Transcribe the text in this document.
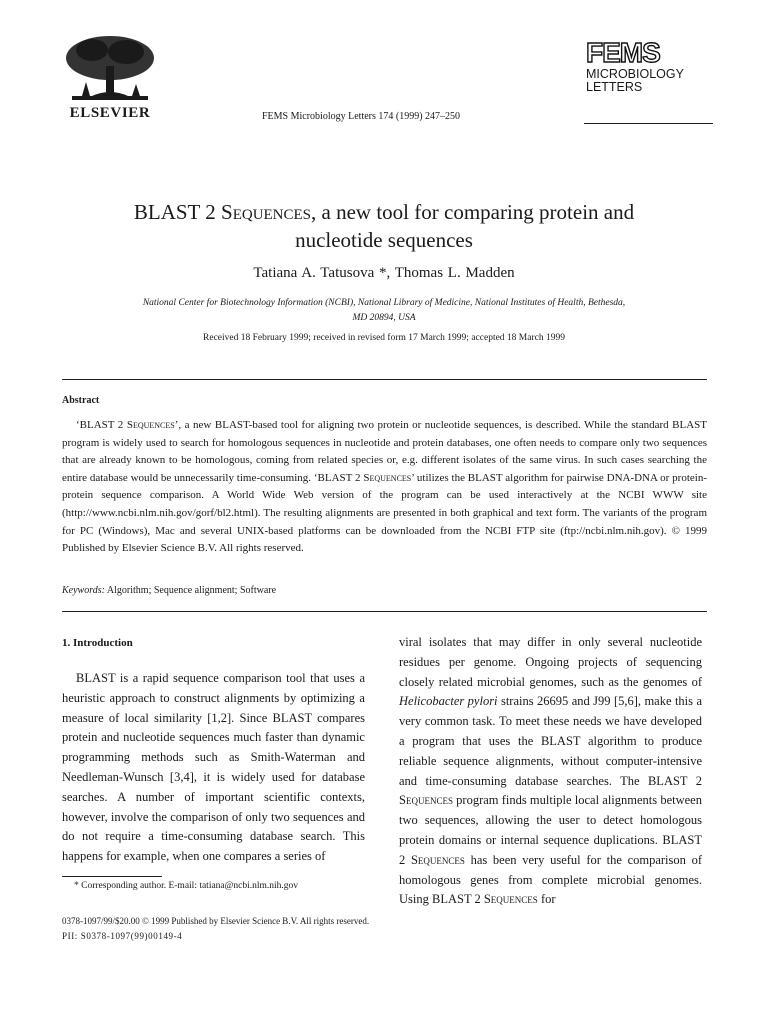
ELSEVIER	FEMS Microbiology Letters 174 (1999) 247–250
FEMS
MICROBIOLOGY
LETTERS
BLAST 2 Sequences, a new tool for comparing protein and
nucleotide sequences
Tatiana A. Tatusova *, Thomas L. Madden
National Center for Biotechnology Information (NCBI), National Library of Medicine, National Institutes of Health, Bethesda,
MD 20894, USA
Received 18 February 1999; received in revised form 17 March 1999; accepted 18 March 1999
Abstract
‘BLAST 2 Sequences’, a new BLAST-based tool for aligning two protein or nucleotide sequences, is described. While the standard BLAST program is widely used to search for homologous sequences in nucleotide and protein databases, one often needs to compare only two sequences that are already known to be homologous, coming from related species or, e.g. different isolates of the same virus. In such cases searching the entire database would be unnecessarily time-consuming. ‘BLAST 2 Sequences’ utilizes the BLAST algorithm for pairwise DNA-DNA or protein-protein sequence comparison. A World Wide Web version of the program can be used interactively at the NCBI WWW site (http://www.ncbi.nlm.nih.gov/gorf/bl2.html). The resulting alignments are presented in both graphical and text form. The variants of the program for PC (Windows), Mac and several UNIX-based platforms can be downloaded from the NCBI FTP site (ftp://ncbi.nlm.nih.gov). © 1999 Published by Elsevier Science B.V. All rights reserved.
Keywords: Algorithm; Sequence alignment; Software
1. Introduction
BLAST is a rapid sequence comparison tool that uses a heuristic approach to construct alignments by optimizing a measure of local similarity [1,2]. Since BLAST compares protein and nucleotide sequences much faster than dynamic programming methods such as Smith-Waterman and Needleman-Wunsch [3,4], it is widely used for database searches. A number of important scientific contexts, however, involve the comparison of only two sequences and do not require a time-consuming database search. This happens for example, when one compares a series of
viral isolates that may differ in only several nucleotide residues per genome. Ongoing projects of sequencing closely related microbial genomes, such as the genomes of Helicobacter pylori strains 26695 and J99 [5,6], make this a very common task. To meet these needs we have developed a program that uses the BLAST algorithm to produce reliable sequence alignments, without computer-intensive and time-consuming database searches. The BLAST 2 Sequences program finds multiple local alignments between two sequences, allowing the user to detect homologous protein domains or internal sequence duplications. BLAST 2 Sequences has been very useful for the comparison of homologous genes from complete microbial genomes. Using BLAST 2 Sequences for
* Corresponding author. E-mail: tatiana@ncbi.nlm.nih.gov
0378-1097/99/$20.00 © 1999 Published by Elsevier Science B.V. All rights reserved.
PII: S0378-1097(99)00149-4
